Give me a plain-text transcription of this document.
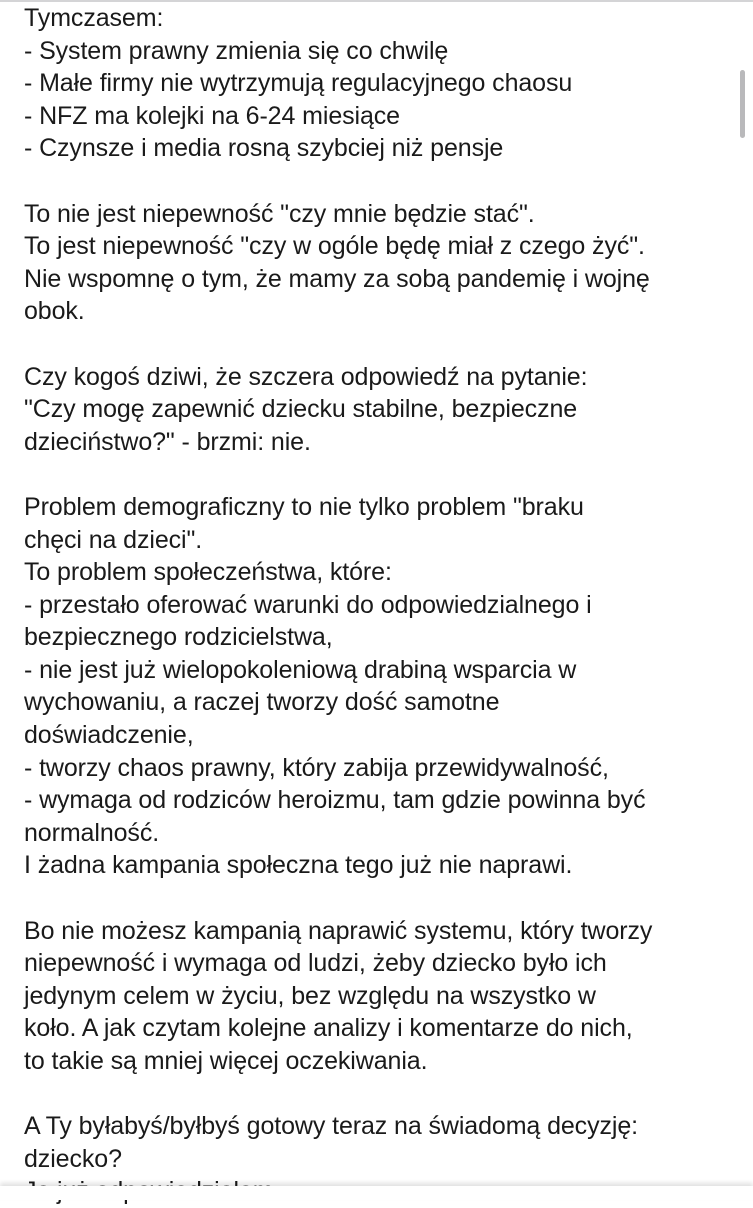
Tymczasem:
- System prawny zmienia się co chwilę
- Małe firmy nie wytrzymują regulacyjnego chaosu
- NFZ ma kolejki na 6-24 miesiące
- Czynsze i media rosną szybciej niż pensje

To nie jest niepewność "czy mnie będzie stać".
To jest niepewność "czy w ogóle będę miał z czego żyć".
Nie wspomnę o tym, że mamy za sobą pandemię i wojnę
obok.

Czy kogoś dziwi, że szczera odpowiedź na pytanie:
"Czy mogę zapewnić dziecku stabilne, bezpieczne
dzieciństwo?" - brzmi: nie.

Problem demograficzny to nie tylko problem "braku
chęci na dzieci".
To problem społeczeństwa, które:
- przestało oferować warunki do odpowiedzialnego i
bezpiecznego rodzicielstwa,
- nie jest już wielopokoleniową drabiną wsparcia w
wychowaniu, a raczej tworzy dość samotne
doświadczenie,
- tworzy chaos prawny, który zabija przewidywalność,
- wymaga od rodziców heroizmu, tam gdzie powinna być
normalność.
I żadna kampania społeczna tego już nie naprawi.

Bo nie możesz kampanią naprawić systemu, który tworzy
niepewność i wymaga od ludzi, żeby dziecko było ich
jedynym celem w życiu, bez względu na wszystko w
koło. A jak czytam kolejne analizy i komentarze do nich,
to takie są mniej więcej oczekiwania.

A Ty byłabyś/byłbyś gotowy teraz na świadomą decyzję:
dziecko?
